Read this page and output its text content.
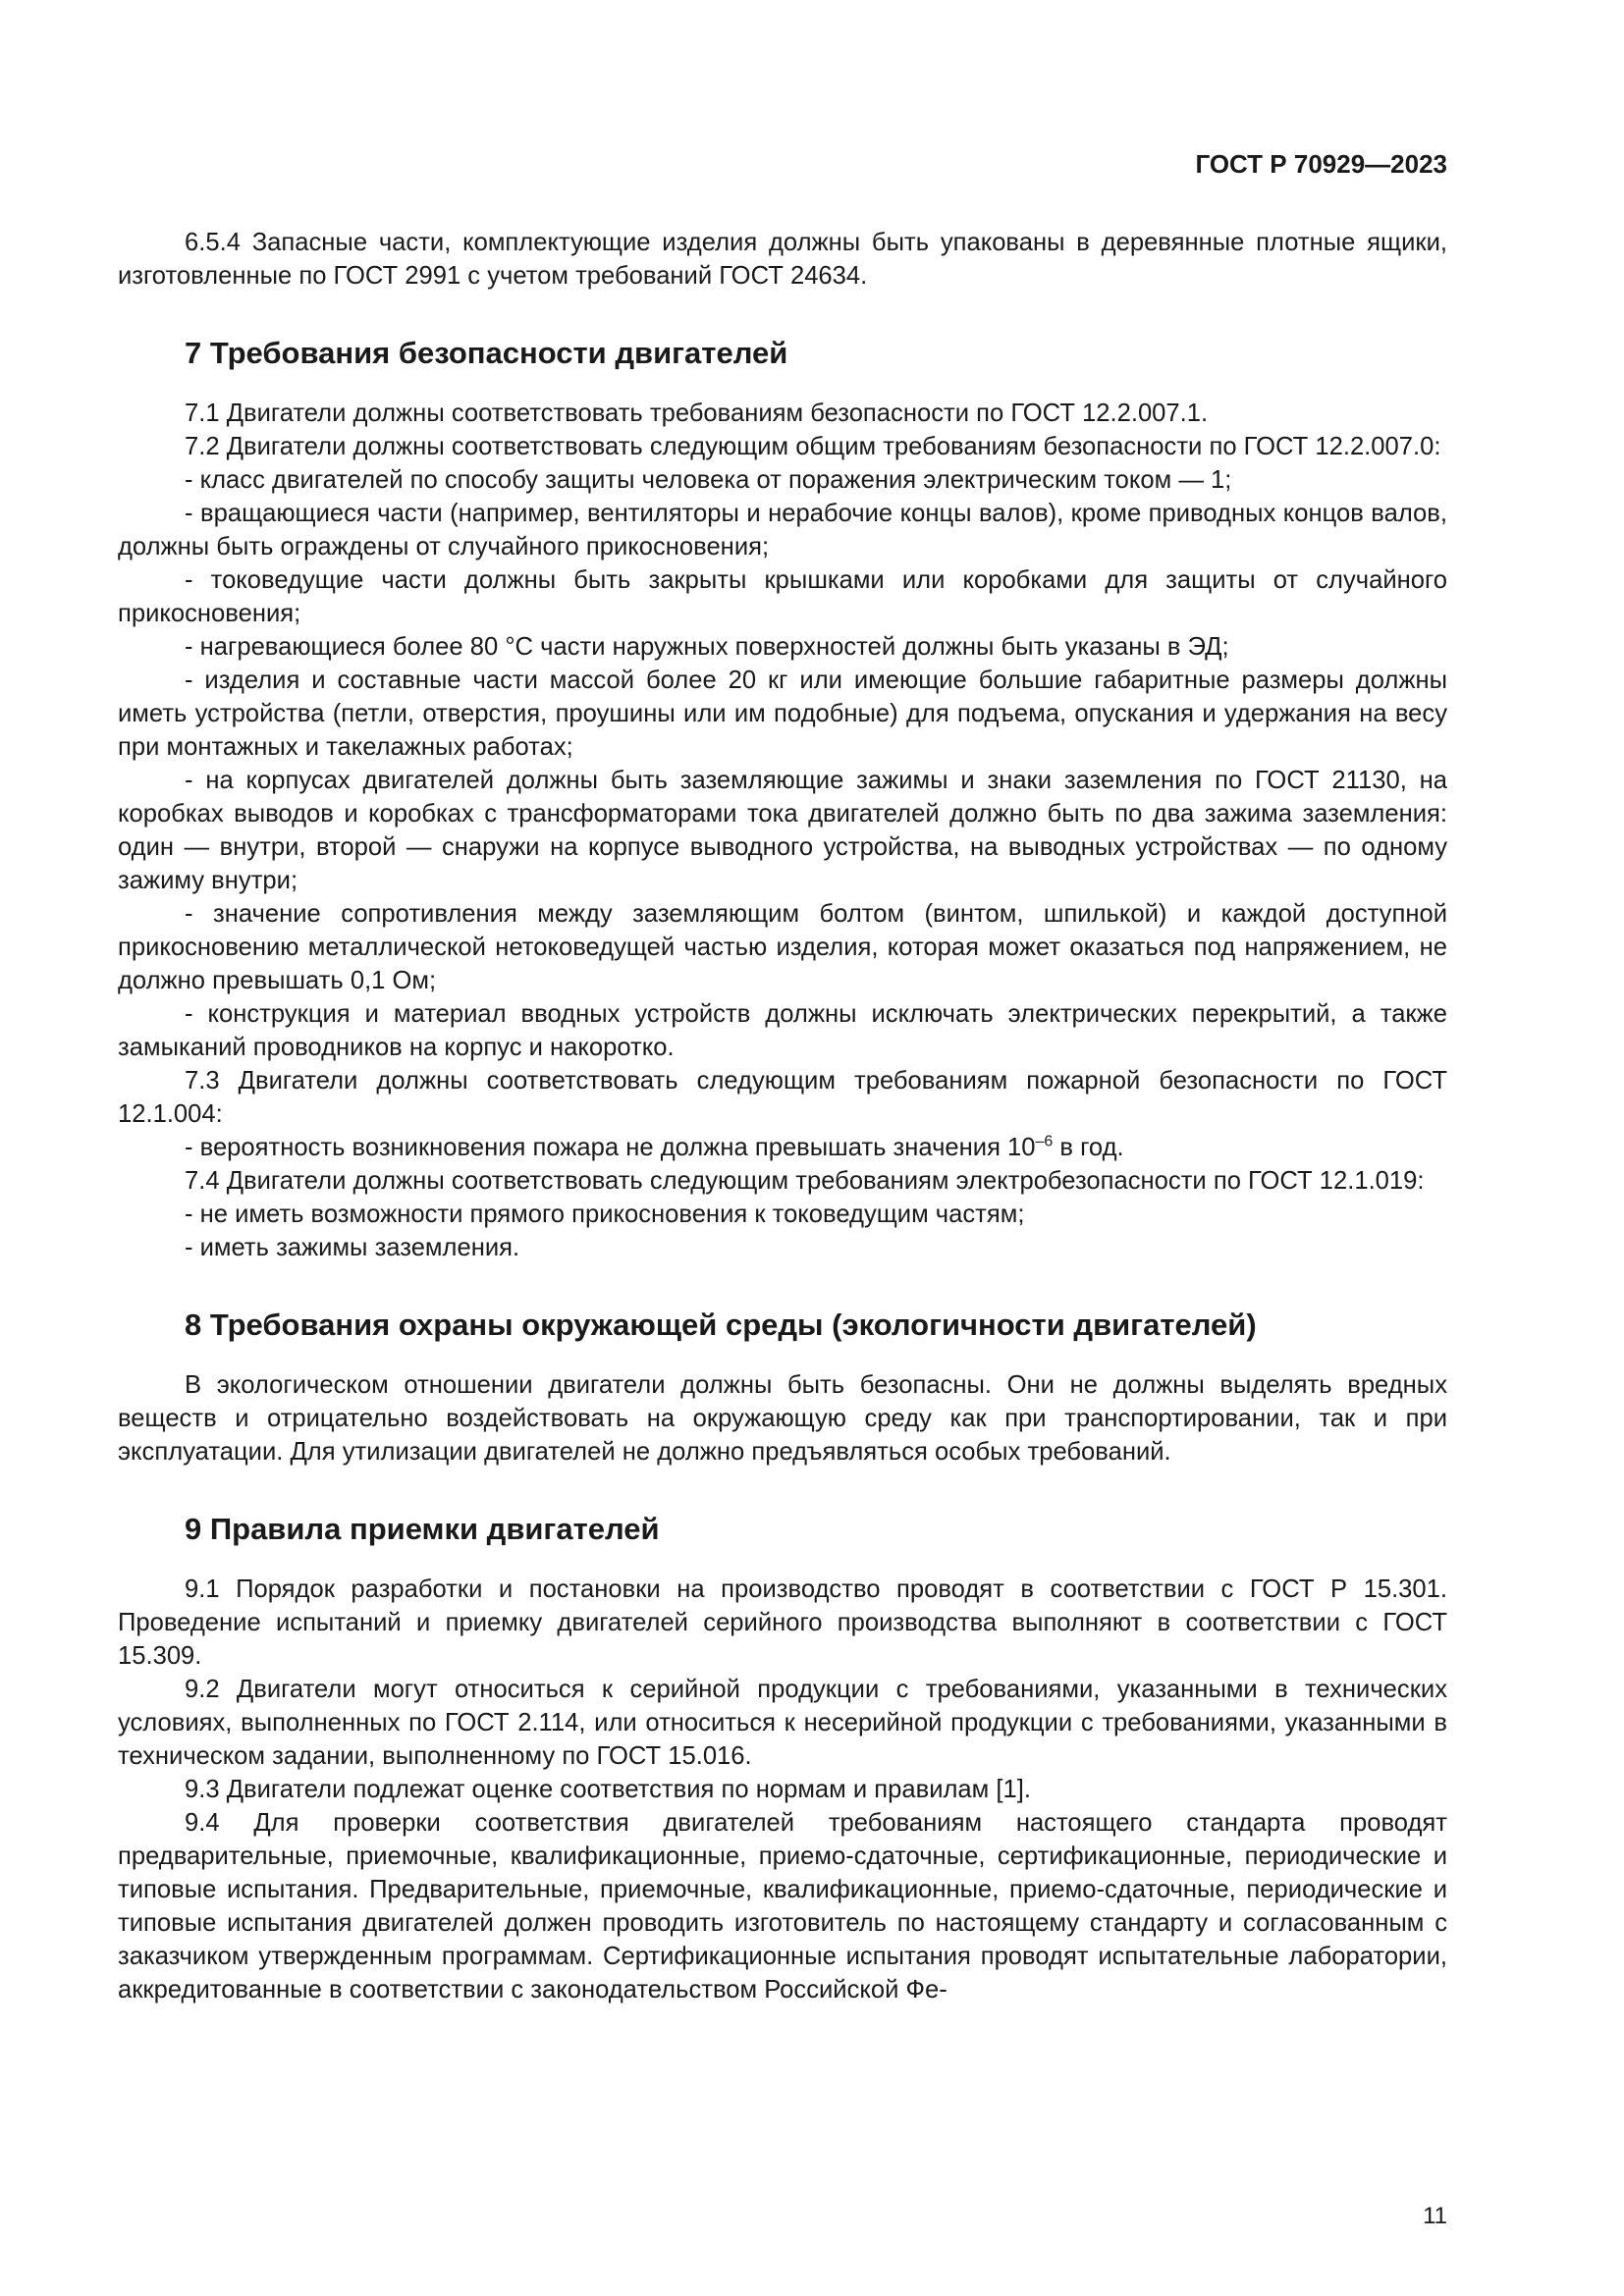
ГОСТ Р 70929—2023

6.5.4 Запасные части, комплектующие изделия должны быть упакованы в деревянные плотные ящики, изготовленные по ГОСТ 2991 с учетом требований ГОСТ 24634.

7 Требования безопасности двигателей

7.1 Двигатели должны соответствовать требованиям безопасности по ГОСТ 12.2.007.1.

7.2 Двигатели должны соответствовать следующим общим требованиям безопасности по ГОСТ 12.2.007.0:

- класс двигателей по способу защиты человека от поражения электрическим током — 1;

- вращающиеся части (например, вентиляторы и нерабочие концы валов), кроме приводных концов валов, должны быть ограждены от случайного прикосновения;

- токоведущие части должны быть закрыты крышками или коробками для защиты от случайного прикосновения;

- нагревающиеся более 80 °С части наружных поверхностей должны быть указаны в ЭД;

- изделия и составные части массой более 20 кг или имеющие большие габаритные размеры должны иметь устройства (петли, отверстия, проушины или им подобные) для подъема, опускания и удержания на весу при монтажных и такелажных работах;

- на корпусах двигателей должны быть заземляющие зажимы и знаки заземления по ГОСТ 21130, на коробках выводов и коробках с трансформаторами тока двигателей должно быть по два зажима заземления: один — внутри, второй — снаружи на корпусе выводного устройства, на выводных устройствах — по одному зажиму внутри;

- значение сопротивления между заземляющим болтом (винтом, шпилькой) и каждой доступной прикосновению металлической нетоковедущей частью изделия, которая может оказаться под напряжением, не должно превышать 0,1 Ом;

- конструкция и материал вводных устройств должны исключать электрических перекрытий, а также замыканий проводников на корпус и накоротко.

7.3 Двигатели должны соответствовать следующим требованиям пожарной безопасности по ГОСТ 12.1.004:

- вероятность возникновения пожара не должна превышать значения $10^{-6}$ в год.

7.4 Двигатели должны соответствовать следующим требованиям электробезопасности по ГОСТ 12.1.019:

- не иметь возможности прямого прикосновения к токоведущим частям;

- иметь зажимы заземления.

8 Требования охраны окружающей среды (экологичности двигателей)

В экологическом отношении двигатели должны быть безопасны. Они не должны выделять вредных веществ и отрицательно воздействовать на окружающую среду как при транспортировании, так и при эксплуатации. Для утилизации двигателей не должно предъявляться особых требований.

9 Правила приемки двигателей

9.1 Порядок разработки и постановки на производство проводят в соответствии с ГОСТ Р 15.301. Проведение испытаний и приемку двигателей серийного производства выполняют в соответствии с ГОСТ 15.309.

9.2 Двигатели могут относиться к серийной продукции с требованиями, указанными в технических условиях, выполненных по ГОСТ 2.114, или относиться к несерийной продукции с требованиями, указанными в техническом задании, выполненному по ГОСТ 15.016.

9.3 Двигатели подлежат оценке соответствия по нормам и правилам [1].

9.4 Для проверки соответствия двигателей требованиям настоящего стандарта проводят предварительные, приемочные, квалификационные, приемо-сдаточные, сертификационные, периодические и типовые испытания. Предварительные, приемочные, квалификационные, приемо-сдаточные, периодические и типовые испытания двигателей должен проводить изготовитель по настоящему стандарту и согласованным с заказчиком утвержденным программам. Сертификационные испытания проводят испытательные лаборатории, аккредитованные в соответствии с законодательством Российской Фе-

11
